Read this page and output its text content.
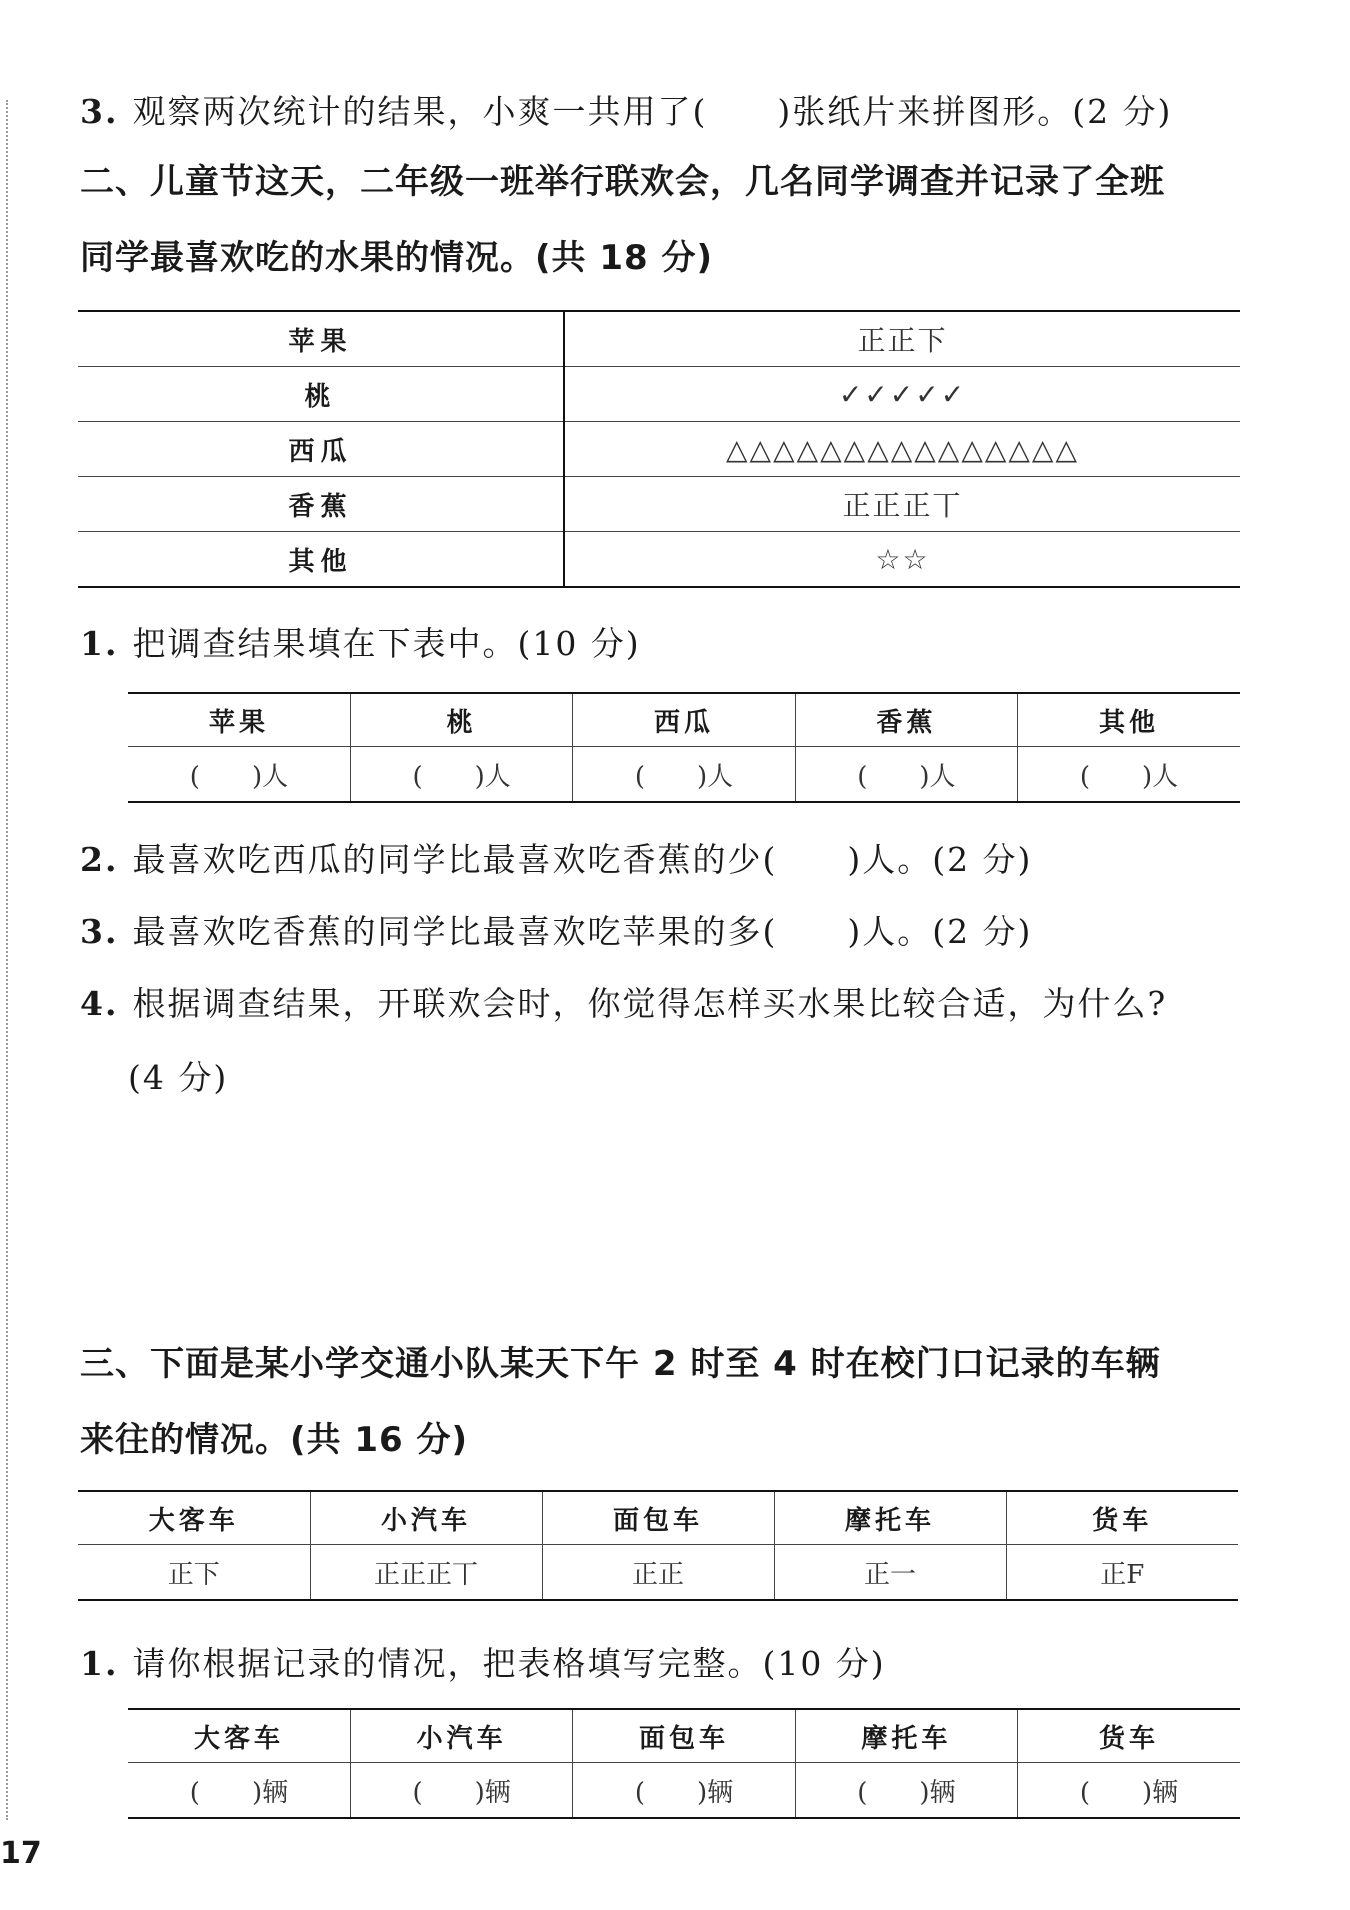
3. 观察两次统计的结果，小爽一共用了(　　)张纸片来拼图形。(2 分)

二、儿童节这天，二年级一班举行联欢会，几名同学调查并记录了全班

同学最喜欢吃的水果的情况。(共 18 分)

苹果	正正下
桃	✓✓✓✓✓
西瓜	△△△△△△△△△△△△△△△
香蕉	正正正丅
其他	☆☆

1. 把调查结果填在下表中。(10 分)

苹果	桃	西瓜	香蕉	其他
(　　)人	(　　)人	(　　)人	(　　)人	(　　)人

2. 最喜欢吃西瓜的同学比最喜欢吃香蕉的少(　　)人。(2 分)

3. 最喜欢吃香蕉的同学比最喜欢吃苹果的多(　　)人。(2 分)

4. 根据调查结果，开联欢会时，你觉得怎样买水果比较合适，为什么?

(4 分)

三、下面是某小学交通小队某天下午 2 时至 4 时在校门口记录的车辆

来往的情况。(共 16 分)

大客车	小汽车	面包车	摩托车	货车
正下	正正正丅	正正	正一	正F

1. 请你根据记录的情况，把表格填写完整。(10 分)

大客车	小汽车	面包车	摩托车	货车
(　　)辆	(　　)辆	(　　)辆	(　　)辆	(　　)辆
17
